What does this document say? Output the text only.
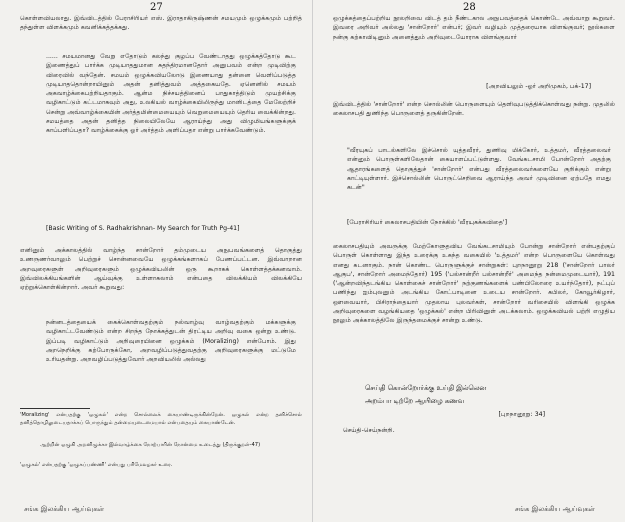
27

கொள்ளவியலாது. இவ்விடத்தில் பேராசிரியர் எஸ். இராதாகிருஷ்ணன் சமயமும் ஒழுக்கமும் பற்றித் தந்துள்ள விளக்கமும் கவனிக்கத்தக்கது.

...... சமயமானது வேறு எதோடும் கலந்து குழப்ப வேண்டாதது ஒழுக்கத்தோடு கூட இணைத்துப் பார்க்க முடியாததுமான சுதந்திரமானதோர் அனுபவம் என்ற முடிவிற்கு விரைவில் வந்தேன். சமயம் ஒழுக்கவியலோடு இணையாது தன்னை வெளிப்படுத்த முடியாததொன்றாயினும் அதன் தனித்துவம் அத்தகையதே. ஏனெனில் சமயம் அகவாழ்க்கைபற்றியதாகும். ஆன்ம நிச்சயத்தினைப் பாதுகாத்திடும் முயற்சிக்கு வழிகாட்டும் கட்டமாகவும் அது, உலகியல் வாழ்க்கையிலிருந்து மானிடத்தை மேலேற்றிச் சென்று அவ்வாழ்க்கையின் அர்த்தமின்மையையும் வெறுமையையும் தெரிய வைக்கின்றது. சமயத்தை அதன் தனித்த நிலையிலேயே ஆராய்ந்து அது விழுமியங்களுக்குக் காப்பளிப்பதா? வாழ்க்கைக்கு ஓர் அர்த்தம் அளிப்பதா என்று பார்க்கவேண்டும்.

[Basic Writing of S. Radhakrishnan- My Search for Truth Pg-41]

எனினும் அக்காலத்தில் வாழ்ந்த சான்றோர் தம்முடைய அநுபவங்களைத் தொகுத்து உணருணர்வாலும் பெற்றுச் சொன்னவையே ஒழுக்கங்களாகப் பேணப்பட்டன. இவ்வாறான அறவுரைகளுள் அறிவுரைகளும் ஒழுக்கவியலின் ஒரு கூறாகக் கொள்ளத்தக்கனவாம். இவ்விலக்கியங்களின் ஆய்வுக்கு உள்ளாகலாம் என்பதை விலக்கியம் விலக்கியே ஏற்றுக்கொள்கின்றார். அவர் கூறுவது:

நன்னடத்தையைக் கைக்கொள்வதற்கும் நல்வாழ்வு வாழ்வதற்கும் மக்களுக்கு வழிகாட்டவேண்டும் என்ற சிறந்த நோக்கத்துடன் திரட்டிய அறிவு வகை ஒன்று உண்டு. இப்படி வழிகாட்டும் அறிவுரையினை ஒழுக்கம் (Moralizing) என்போம். இது அறநெறிக்கு கற்போருக்கோ, அறவழிப்படுத்துவதற்கு அறிவுரைகளுக்கு மட்டுமே உரியதன்று. அறவழிப்படுத்துவோர் அறவியலில் அல்லது

'Moralizing' என்பதற்கு 'ஒழுகல்' என்ற சொல்லைக் கையாண்டிருக்கின்றேன். ஒழுகல் என்ற தனிச்சொல் தனித்தொழிலுடையதாக்கப் பொருந்தும் தன்மையுடைமையால் என்பதையும் கையாண்டேன்.

ஆற்றின் ஒழுகி அறனிழுக்கா இல்வாழ்க்கை நோற்பாரின் நோன்மை உடைத்து (திருக்குறள்-47)

'ஒழுகல்' என்பதற்கு 'ஒழுகப்பண்ணி' என்பது பரிமேலழகர் உரை.

சங்க இலக்கிய ஆய்வுகள்
28

ஒழுக்கத்தைப்பற்றிய நூலறிவை விடத் தம் நீண்டகால அநுபவத்தைக் கொண்டே அவ்வாறு கூறுவர். இவரை அறிவர் அல்லது 'சான்றோர்' என்பர்; இவர் வழியும் முத்தரையாக விளங்குவர்; நூல்களை நன்கு கற்காவிடினும் அனைத்தும் அறிவுடையோராக விளங்குவார்

[அறவியலும் -ஓர் அறிமுகம், பக்-17]

இவ்விடத்தில் 'சான்றோர்' என்ற சொல்லின் பொருளையும் தெளிவுபடுத்திக்கொள்வது நன்று. முதலில் கைலாசபதி துணிந்த பொருளைத் தருகின்றேன்.

"வீரயுகப் பாடல்களிலே இச்சொல் யுத்தவீரர், துணிவு மிக்கோர், உத்தமர், வீரத்தலைவர் என்னும் பொருள்களிலேதான் கையாளப்பட்டுள்ளது. வேங்கடசாமி போன்றோர் அதற்கு ஆதாரங்களைத் தொகுத்துச் 'சான்றோர்' என்பது வீரத்தலைவர்களையே குறிக்கும் என்று காட்டியுள்ளார். இச்சொல்லின் பொருட்செறிவை ஆராய்ந்த அவர் முடிவினை ஏற்பதே எமது கடன்"

[பேராசிரியர் கைலாசபதியின் நோக்கில் 'வீரயுகக்கவிதை']

கைலாசபதியும் அவருக்கு மேற்கோளுதவிய வேங்கடசாமியும் போன்று சான்றோர் என்பதற்குப் பொருள் கொள்ளாது இந்த உரைக்கு உகந்த வகையில் 'உத்தமர்' என்ற பொருளையே கொள்வது எனது கடனாகும். நான் கொண்ட பொருளுக்குச் சான்றுகள்: புறநானூறு 218 ('சான்றோர் பாலர் ஆகுப', சான்றோர் அமைந்தோர்) 195 ('பல்சான்றீர் பல்சான்றீர்' அமைந்த நன்மைமுடையார்), 191 ('ஆன்றவிந்தடங்கிய கொள்கைச் சான்றோர்' நற்குணங்களைக் பண்பிலோரை உயர்ந்தோர்), நட்புப் பணிந்து ஐம்புலனும் அடங்கிய கோட்பாடினை உடைய சான்றோர். கபிலர், கோவூர்கிழார், ஔவையார், பிசிராந்தையார் முதலாய புலவர்கள், சான்றோர் வரிசையில் விளங்கி ஒழுக்க அறிவுரைகளை வழங்கியதை 'ஒழுக்கல்' என்ற பிரிவினுள் அடக்கலாம். ஒழுக்கவியல் பற்றி எழுதிய நூலும் அக்காலத்திலே இருந்தமைக்குச் சான்று உண்டு.

செய்தி கொன்றோர்க்கு உய்தி இல்லென

அறம்பா டிற்றே ஆயிழை கணவ

[புறநானூறு: 34]

செய்தி-செய்நன்றி.

சங்க இலக்கிய ஆய்வுகள்
